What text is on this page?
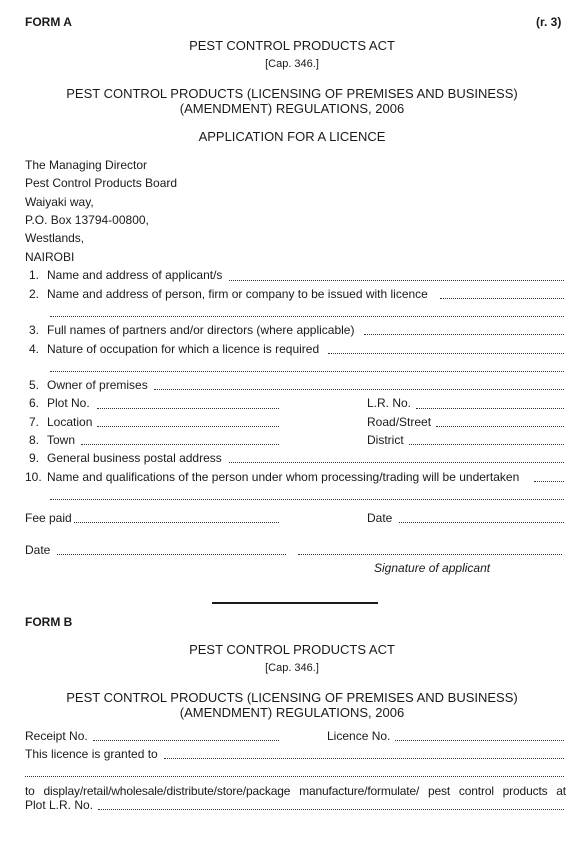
FORM A	(r. 3)
PEST CONTROL PRODUCTS ACT
[Cap. 346.]
PEST CONTROL PRODUCTS (LICENSING OF PREMISES AND BUSINESS)
(AMENDMENT) REGULATIONS, 2006
APPLICATION FOR A LICENCE
The Managing Director
Pest Control Products Board
Waiyaki way,
P.O. Box 13794-00800,
Westlands,
NAIROBI
1. Name and address of applicant/s
2. Name and address of person, firm or company to be issued with licence
3. Full names of partners and/or directors (where applicable)
4. Nature of occupation for which a licence is required
5. Owner of premises
6. Plot No.	L.R. No.
7. Location	Road/Street
8. Town	District
9. General business postal address
10. Name and qualifications of the person under whom processing/trading will be undertaken
Fee paid	Date
Date
Signature of applicant
FORM B
PEST CONTROL PRODUCTS ACT
[Cap. 346.]
PEST CONTROL PRODUCTS (LICENSING OF PREMISES AND BUSINESS)
(AMENDMENT) REGULATIONS, 2006
Receipt No.	Licence No.
This licence is granted to
to display/retail/wholesale/distribute/store/package manufacture/formulate/ pest control products at
Plot L.R. No.
